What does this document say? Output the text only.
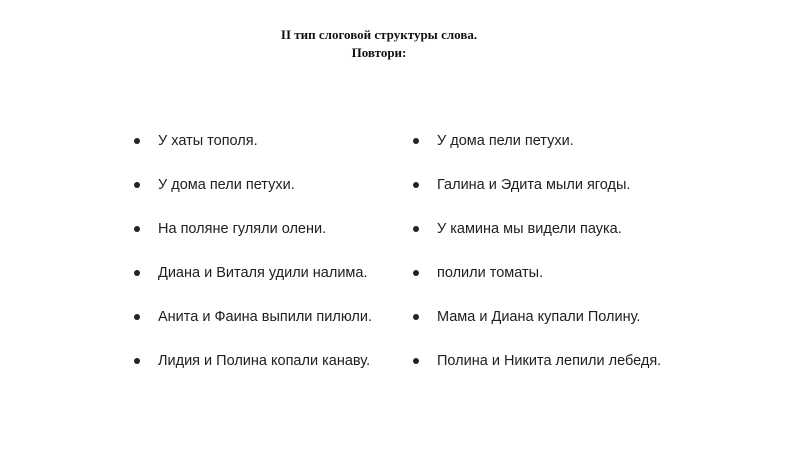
II тип слоговой структуры слова.
Повтори:
У хаты тополя.
У дома пели петухи.
На поляне гуляли олени.
Диана и Виталя удили налима.
Анита и Фаина выпили пилюли.
Лидия и Полина копали канаву.
У дома пели петухи.
Галина и Эдита мыли ягоды.
У камина мы видели паука.
полили томаты.
Мама и Диана купали Полину.
Полина и Никита лепили лебедя.
